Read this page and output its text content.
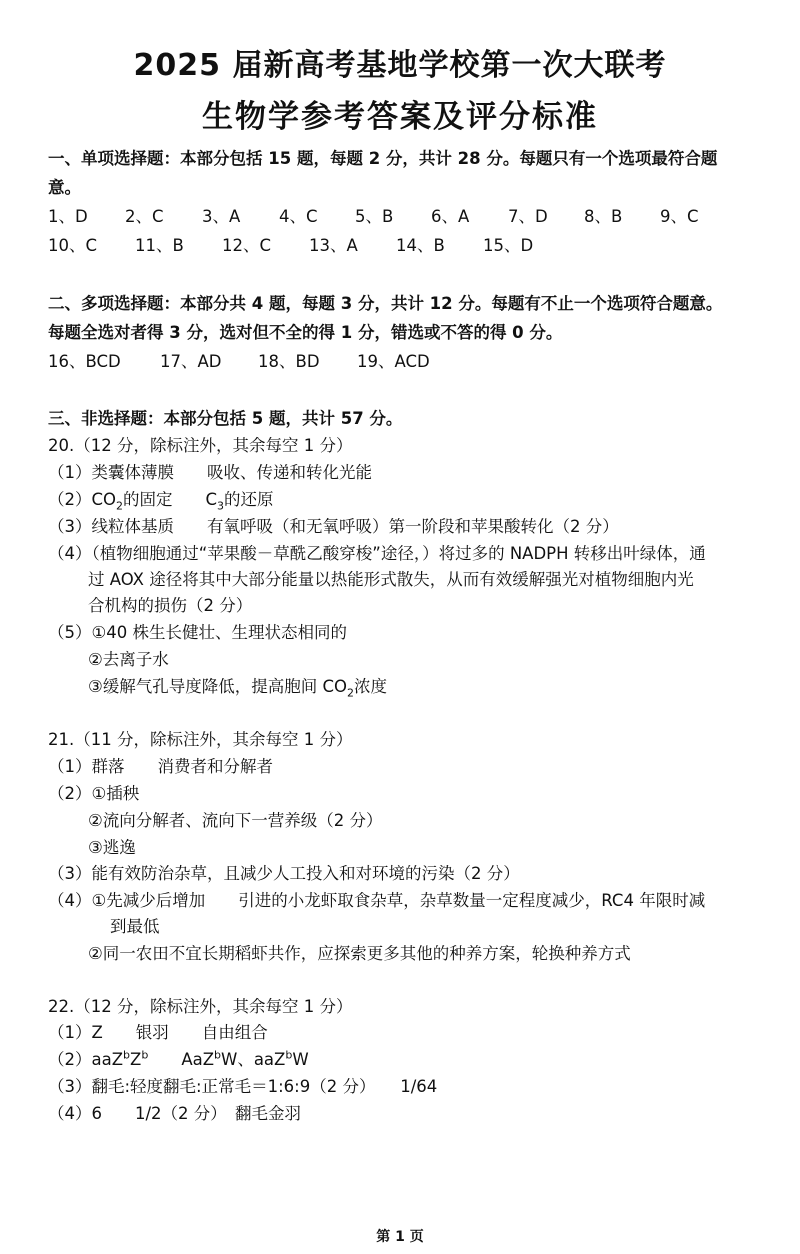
2025 届新高考基地学校第一次大联考
生物学参考答案及评分标准
一、单项选择题：本部分包括 15 题，每题 2 分，共计 28 分。每题只有一个选项最符合题
意。
1、D 2、C 3、A 4、C 5、B 6、A 7、D 8、B 9、C
10、C 11、B 12、C 13、A 14、B 15、D
二、多项选择题：本部分共 4 题，每题 3 分，共计 12 分。每题有不止一个选项符合题意。
每题全选对者得 3 分，选对但不全的得 1 分，错选或不答的得 0 分。
16、BCD 17、AD 18、BD 19、ACD
三、非选择题：本部分包括 5 题，共计 57 分。
20.（12 分，除标注外，其余每空 1 分）
（1）类囊体薄膜　　吸收、传递和转化光能
$(2)CO_2$的固定　　$C_3$的还原
（3）线粒体基质　　有氧呼吸（和无氧呼吸）第一阶段和苹果酸转化（2 分）
（4）（植物细胞通过“苹果酸－草酰乙酸穿梭”途径，）将过多的 NADPH 转移出叶绿体，通
过 AOX 途径将其中大部分能量以热能形式散失，从而有效缓解强光对植物细胞内光
合机构的损伤（2 分）
（5）①40 株生长健壮、生理状态相同的
②去离子水
③缓解气孔导度降低，提高胞间 $CO_2$浓度
21.（11 分，除标注外，其余每空 1 分）
（1）群落　　消费者和分解者
（2）①插秧
②流向分解者、流向下一营养级（2 分）
③逃逸
（3）能有效防治杂草，且减少人工投入和对环境的污染（2 分）
（4）①先减少后增加　　引进的小龙虾取食杂草，杂草数量一定程度减少，RC4 年限时减
到最低
②同一农田不宜长期稻虾共作，应探索更多其他的种养方案，轮换种养方式
22.（12 分，除标注外，其余每空 1 分）
（1）Z　　银羽　　自由组合
$(2)aaZ^bZ^b$　　AaZ$^b$W、aaZ$^b$W
（3）翻毛:轻度翻毛:正常毛＝1:6:9（2 分）　　1/64
（4）6　　1/2（2 分）　翻毛金羽
第 1 页
